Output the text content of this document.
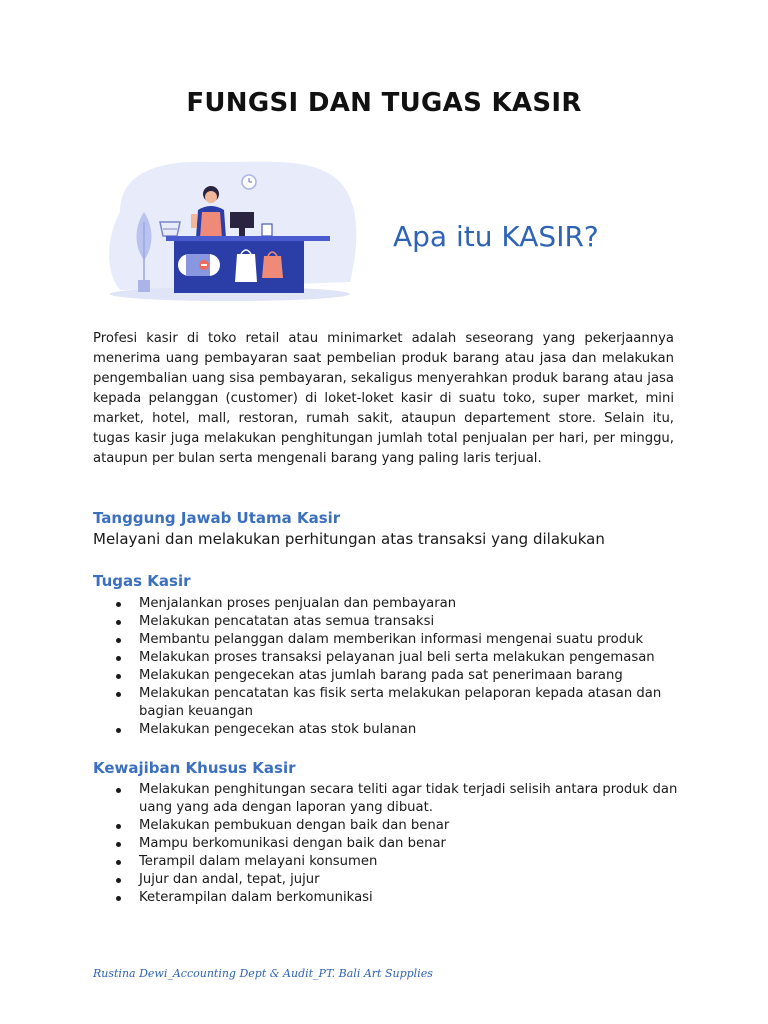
FUNGSI DAN TUGAS KASIR
Apa itu KASIR?
Profesi kasir di toko retail atau minimarket adalah seseorang yang pekerjaannya menerima uang pembayaran saat pembelian produk barang atau jasa dan melakukan pengembalian uang sisa pembayaran, sekaligus menyerahkan produk barang atau jasa kepada pelanggan (customer) di loket-loket kasir di suatu toko, super market, mini market, hotel, mall, restoran, rumah sakit, ataupun departement store. Selain itu, tugas kasir juga melakukan penghitungan jumlah total penjualan per hari, per minggu, ataupun per bulan serta mengenali barang yang paling laris terjual.
Tanggung Jawab Utama Kasir
Melayani dan melakukan perhitungan atas transaksi yang dilakukan
Tugas Kasir
Menjalankan proses penjualan dan pembayaran
Melakukan pencatatan atas semua transaksi
Membantu pelanggan dalam memberikan informasi mengenai suatu produk
Melakukan proses transaksi pelayanan jual beli serta melakukan pengemasan
Melakukan pengecekan atas jumlah barang pada sat penerimaan barang
Melakukan pencatatan kas fisik serta melakukan pelaporan kepada atasan dan bagian keuangan
Melakukan pengecekan atas stok bulanan
Kewajiban Khusus Kasir
Melakukan penghitungan secara teliti agar tidak terjadi selisih antara produk dan uang yang ada dengan laporan yang dibuat.
Melakukan pembukuan dengan baik dan benar
Mampu berkomunikasi dengan baik dan benar
Terampil dalam melayani konsumen
Jujur dan andal, tepat, jujur
Keterampilan dalam berkomunikasi
Rustina Dewi_Accounting Dept & Audit_PT. Bali Art Supplies
